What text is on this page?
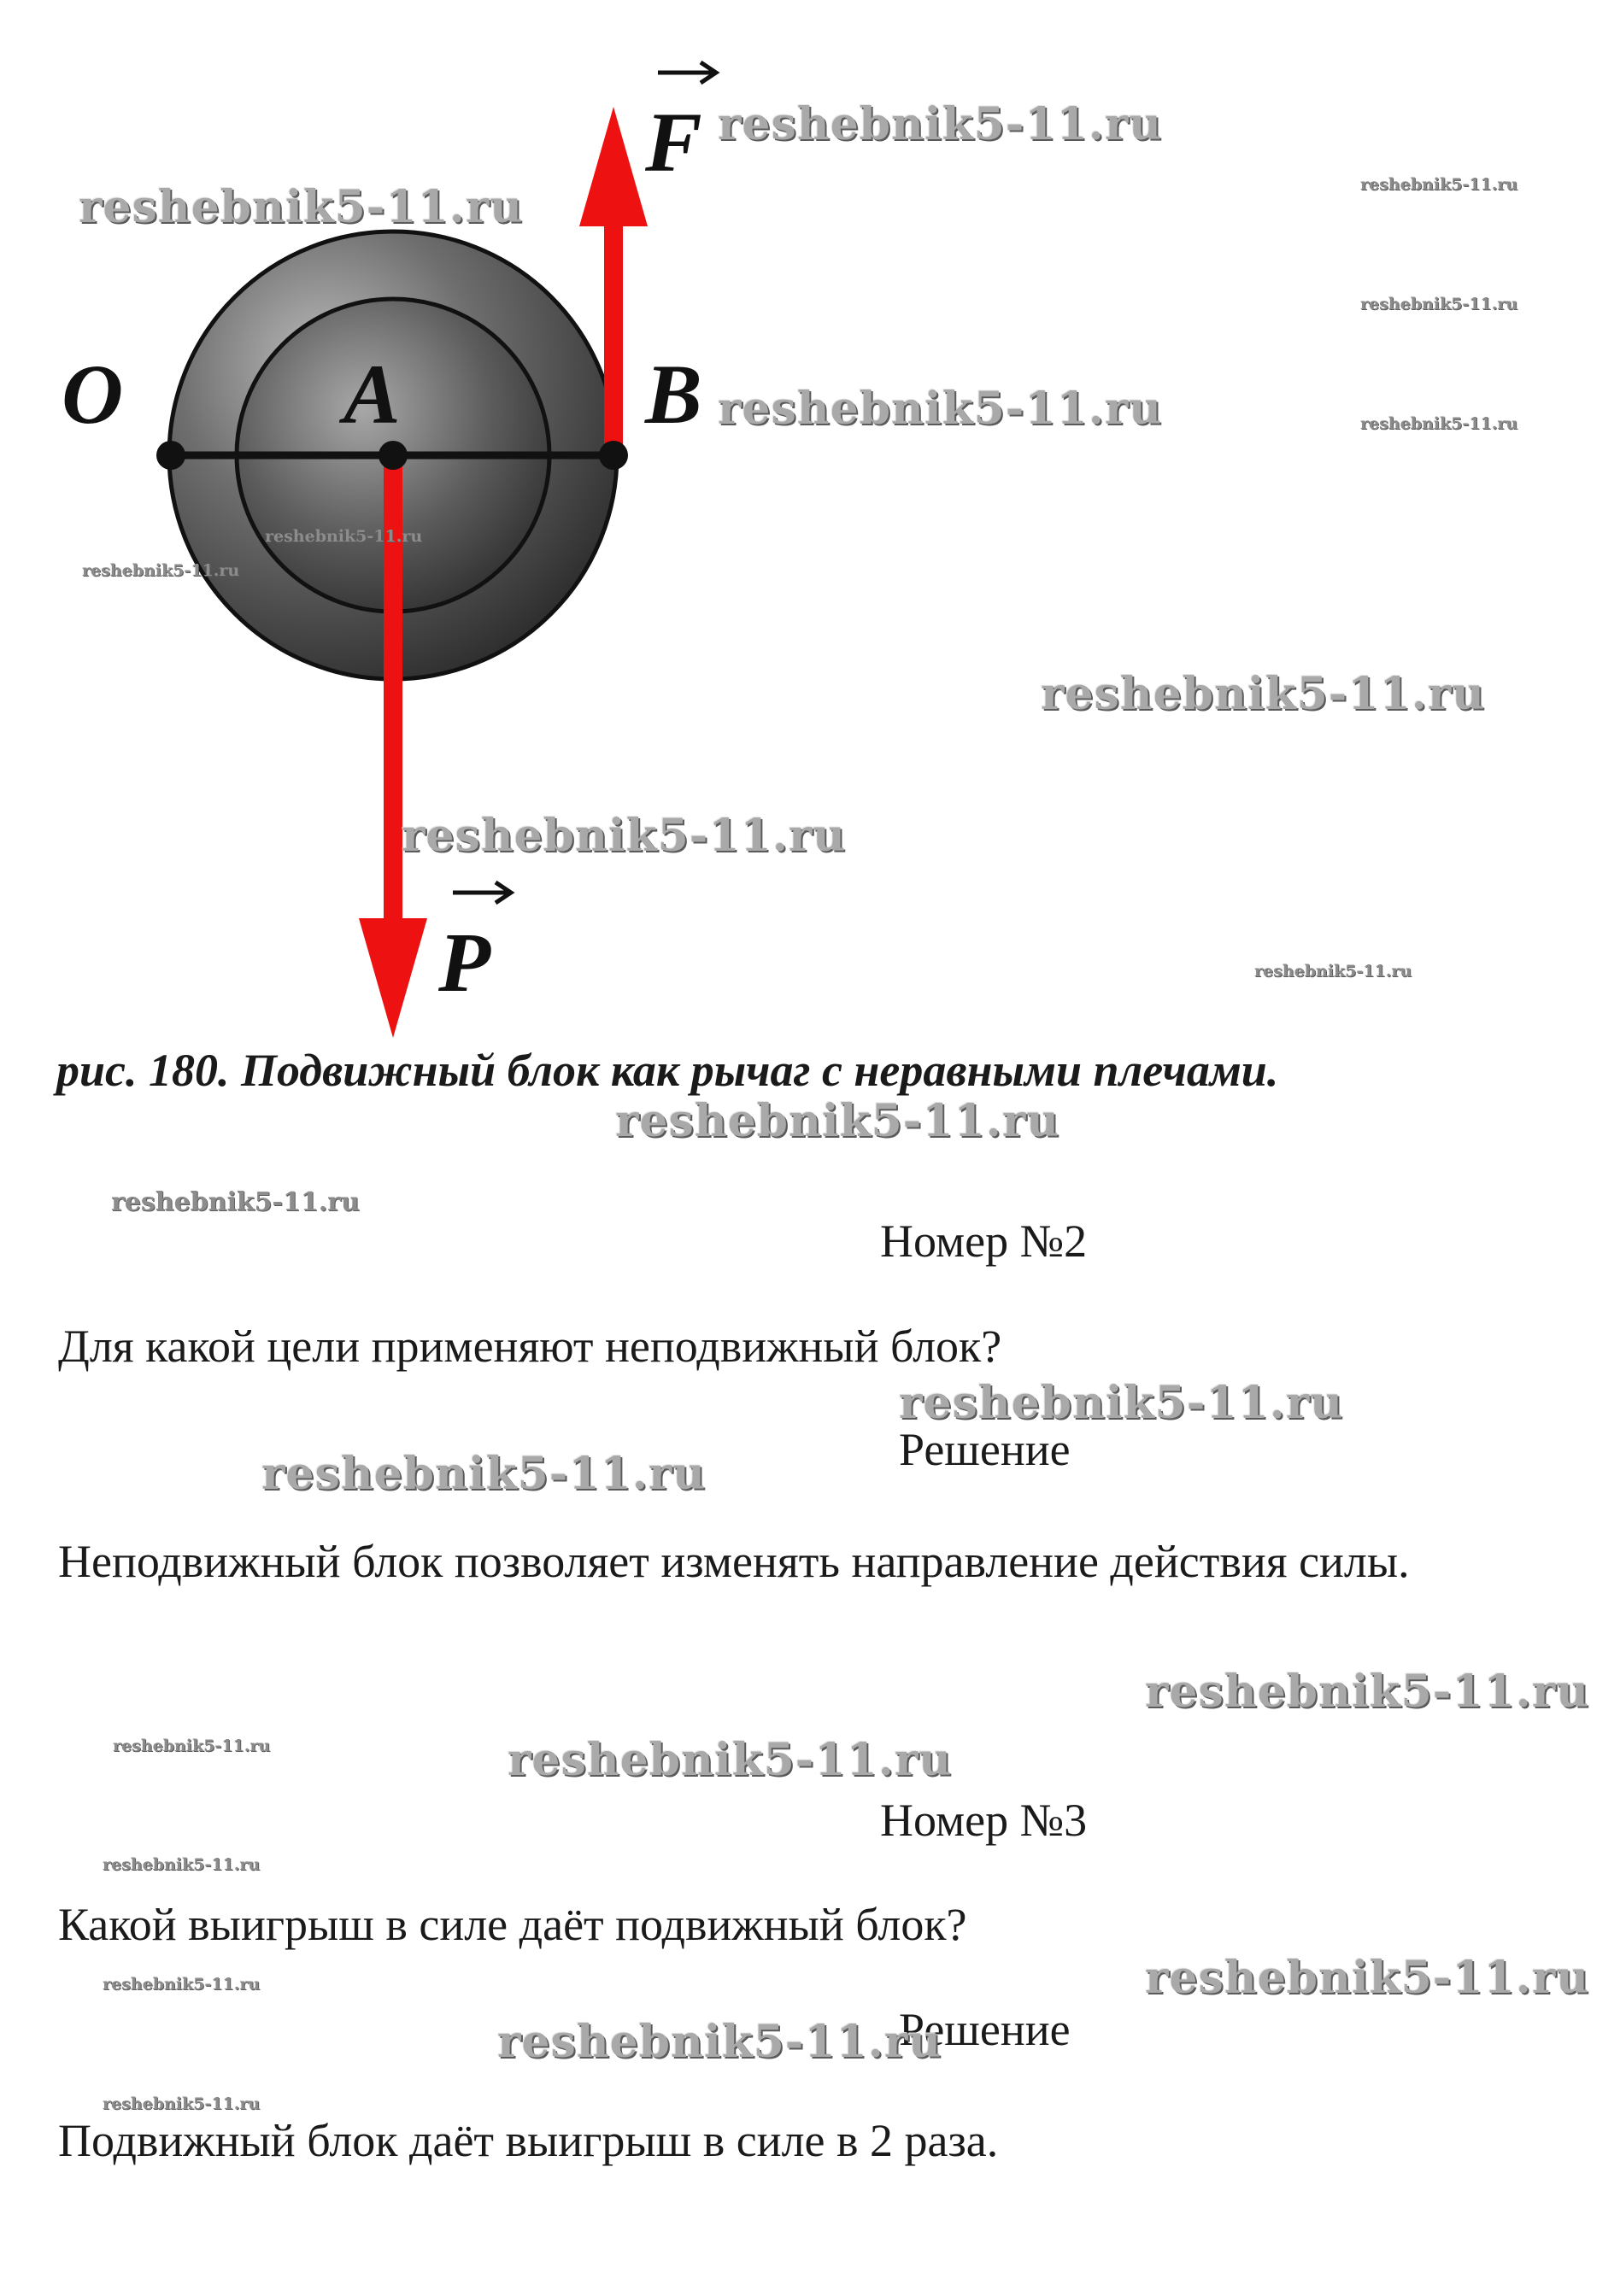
O	A	B
F
P
рис. 180. Подвижный блок как рычаг с неравными плечами.
Номер №2
Для какой цели применяют неподвижный блок?
Решение
Неподвижный блок позволяет изменять направление действия силы.
Номер №3
Какой выигрыш в силе даёт подвижный блок?
Решение
Подвижный блок даёт выигрыш в силе в 2 раза.
reshebnik5-11.ru
reshebnik5-11.ru	reshebnik5-11.ru
reshebnik5-11.ru
reshebnik5-11.ru	reshebnik5-11.ru
reshebnik5-11.ru
reshebnik5-11.ru
reshebnik5-11.ru
reshebnik5-11.ru
reshebnik5-11.ru
reshebnik5-11.ru
reshebnik5-11.ru
reshebnik5-11.ru
reshebnik5-11.ru
reshebnik5-11.ru
reshebnik5-11.ru	reshebnik5-11.ru
reshebnik5-11.ru
reshebnik5-11.ru
reshebnik5-11.ru
reshebnik5-11.ru
reshebnik5-11.ru
